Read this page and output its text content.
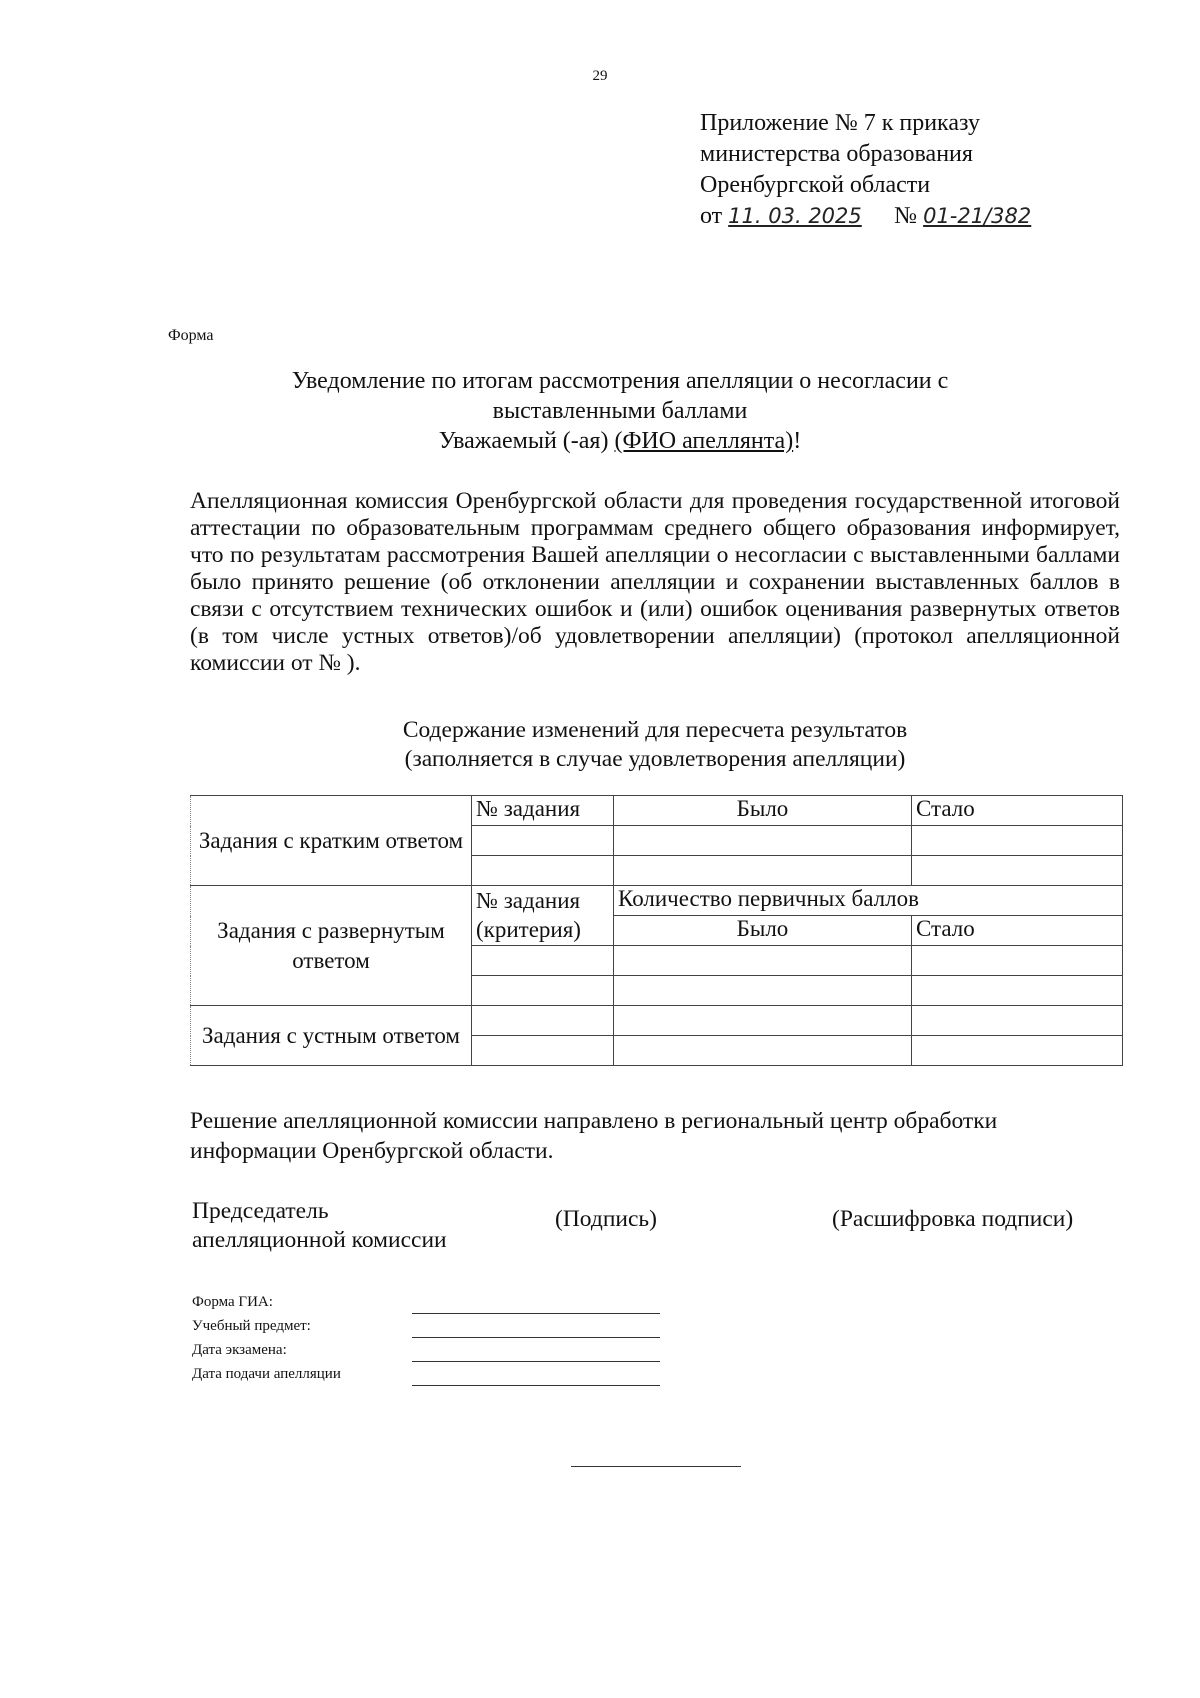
29
Приложение № 7 к приказу
министерства образования
Оренбургской области
от 11. 03. 2025 № 01-21/382
Форма
Уведомление по итогам рассмотрения апелляции о несогласии с
выставленными баллами
Уважаемый (-ая) (ФИО апеллянта)!
Апелляционная комиссия Оренбургской области для проведения государственной итоговой аттестации по образовательным программам среднего общего образования информирует, что по результатам рассмотрения Вашей апелляции о несогласии с выставленными баллами было принято решение (об отклонении апелляции и сохранении выставленных баллов в связи с отсутствием технических ошибок и (или) ошибок оценивания развернутых ответов (в том числе устных ответов)/об удовлетворении апелляции) (протокол апелляционной комиссии от № ).
Содержание изменений для пересчета результатов
(заполняется в случае удовлетворения апелляции)
Задания с кратким ответом	№ задания	Было	Стало

Задания с развернутым ответом	№ задания (критерия)	Количество первичных баллов	
		Было	Стало

Задания с устным ответом			

Решение апелляционной комиссии направлено в региональный центр обработки информации Оренбургской области.
Председатель
апелляционной комиссии
(Подпись)	(Расшифровка подписи)
Форма ГИА:
Учебный предмет:
Дата экзамена:
Дата подачи апелляции
